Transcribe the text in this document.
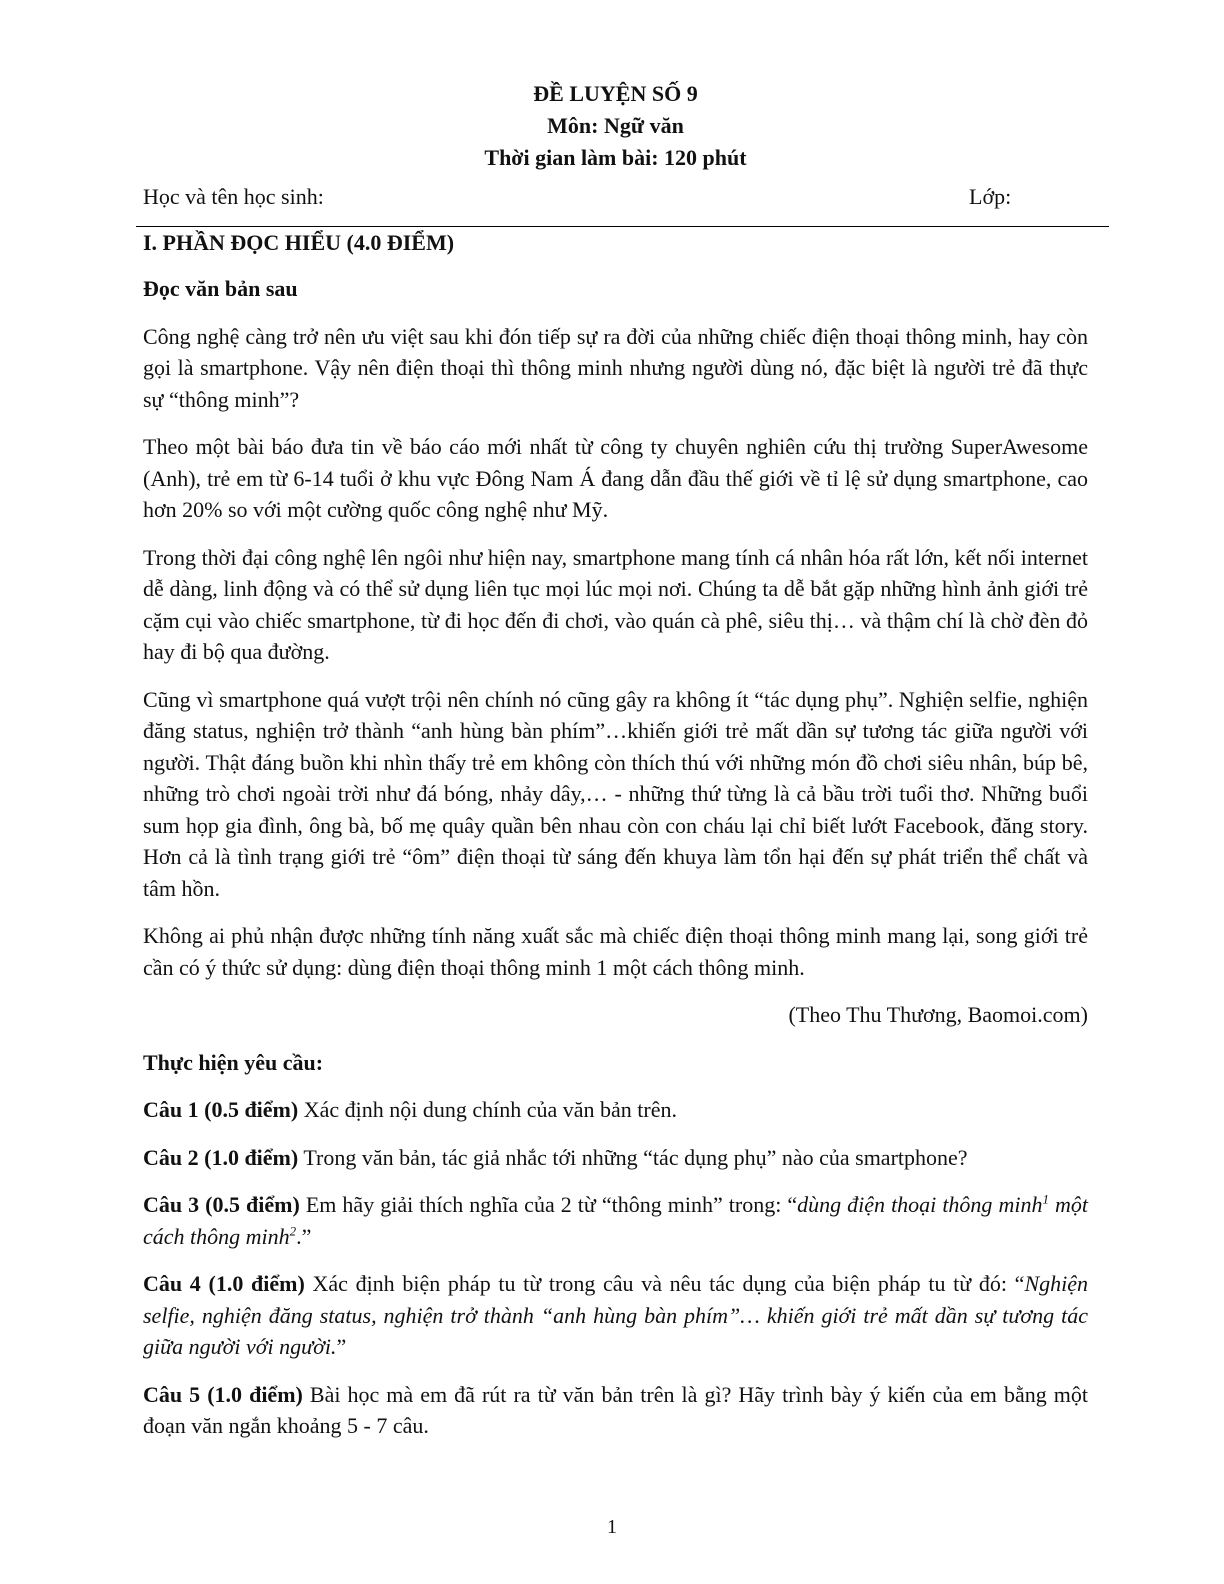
ĐỀ LUYỆN SỐ 9
Môn: Ngữ văn
Thời gian làm bài: 120 phút
Học và tên học sinh:	Lớp:
I. PHẦN ĐỌC HIỂU (4.0 ĐIỂM)

Đọc văn bản sau

Công nghệ càng trở nên ưu việt sau khi đón tiếp sự ra đời của những chiếc điện thoại thông minh, hay còn gọi là smartphone. Vậy nên điện thoại thì thông minh nhưng người dùng nó, đặc biệt là người trẻ đã thực sự “thông minh”?

Theo một bài báo đưa tin về báo cáo mới nhất từ công ty chuyên nghiên cứu thị trường SuperAwesome (Anh), trẻ em từ 6-14 tuổi ở khu vực Đông Nam Á đang dẫn đầu thế giới về tỉ lệ sử dụng smartphone, cao hơn 20% so với một cường quốc công nghệ như Mỹ.

Trong thời đại công nghệ lên ngôi như hiện nay, smartphone mang tính cá nhân hóa rất lớn, kết nối internet dễ dàng, linh động và có thể sử dụng liên tục mọi lúc mọi nơi. Chúng ta dễ bắt gặp những hình ảnh giới trẻ cặm cụi vào chiếc smartphone, từ đi học đến đi chơi, vào quán cà phê, siêu thị… và thậm chí là chờ đèn đỏ hay đi bộ qua đường.

Cũng vì smartphone quá vượt trội nên chính nó cũng gây ra không ít “tác dụng phụ”. Nghiện selfie, nghiện đăng status, nghiện trở thành “anh hùng bàn phím”…khiến giới trẻ mất dần sự tương tác giữa người với người. Thật đáng buồn khi nhìn thấy trẻ em không còn thích thú với những món đồ chơi siêu nhân, búp bê, những trò chơi ngoài trời như đá bóng, nhảy dây,… - những thứ từng là cả bầu trời tuổi thơ. Những buổi sum họp gia đình, ông bà, bố mẹ quây quần bên nhau còn con cháu lại chỉ biết lướt Facebook, đăng story. Hơn cả là tình trạng giới trẻ “ôm” điện thoại từ sáng đến khuya làm tổn hại đến sự phát triển thể chất và tâm hồn.

Không ai phủ nhận được những tính năng xuất sắc mà chiếc điện thoại thông minh mang lại, song giới trẻ cần có ý thức sử dụng: dùng điện thoại thông minh 1 một cách thông minh.

(Theo Thu Thương, Baomoi.com)

Thực hiện yêu cầu:

Câu 1 (0.5 điểm) Xác định nội dung chính của văn bản trên.

Câu 2 (1.0 điểm) Trong văn bản, tác giả nhắc tới những “tác dụng phụ” nào của smartphone?

Câu 3 (0.5 điểm) Em hãy giải thích nghĩa của 2 từ “thông minh” trong: “dùng điện thoại thông minh$^1$ một cách thông minh$^2$.”

Câu 4 (1.0 điểm) Xác định biện pháp tu từ trong câu và nêu tác dụng của biện pháp tu từ đó: “Nghiện selfie, nghiện đăng status, nghiện trở thành “anh hùng bàn phím”… khiến giới trẻ mất dần sự tương tác giữa người với người.”

Câu 5 (1.0 điểm) Bài học mà em đã rút ra từ văn bản trên là gì? Hãy trình bày ý kiến của em bằng một đoạn văn ngắn khoảng 5 - 7 câu.

1
